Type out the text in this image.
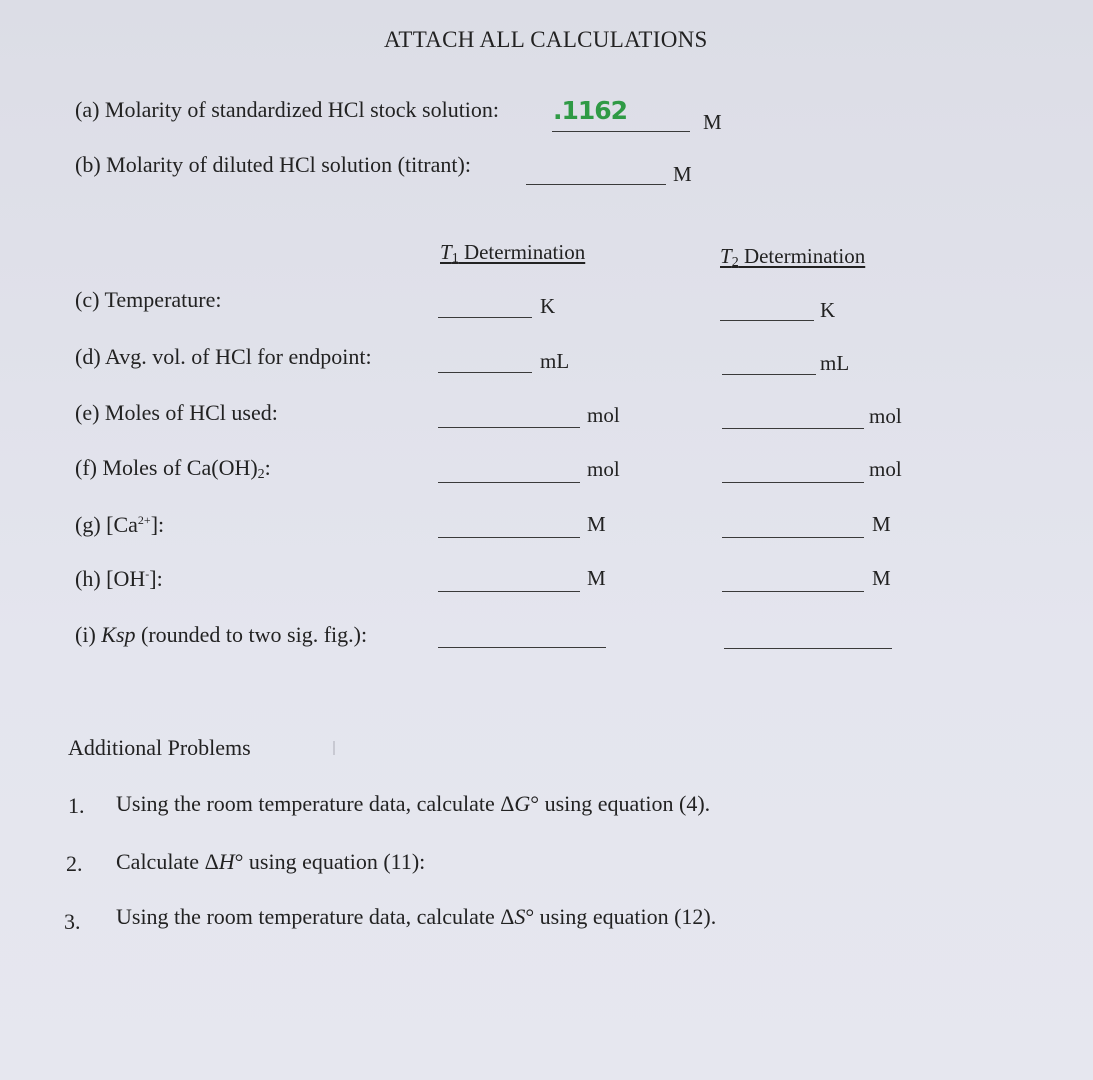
ATTACH ALL CALCULATIONS
(a) Molarity of standardized HCl stock solution: .1162	M
(b) Molarity of diluted HCl solution (titrant):	M
$T_1$ Determination	$T_2$ Determination
(c) Temperature:	K	K
(d) Avg. vol. of HCl for endpoint:	mL	mL
(e) Moles of HCl used:	mol	mol
(f) Moles of $Ca(OH)_2$:	mol	mol
(g) $[Ca^{2+}]$:	M	M
(h) [OH-]:	M	M
(i) Ksp (rounded to two sig. fig.):
Additional Problems
1. Using the room temperature data, calculate ΔG° using equation (4).
2. Calculate ΔH° using equation (11):
3. Using the room temperature data, calculate ΔS° using equation (12).
